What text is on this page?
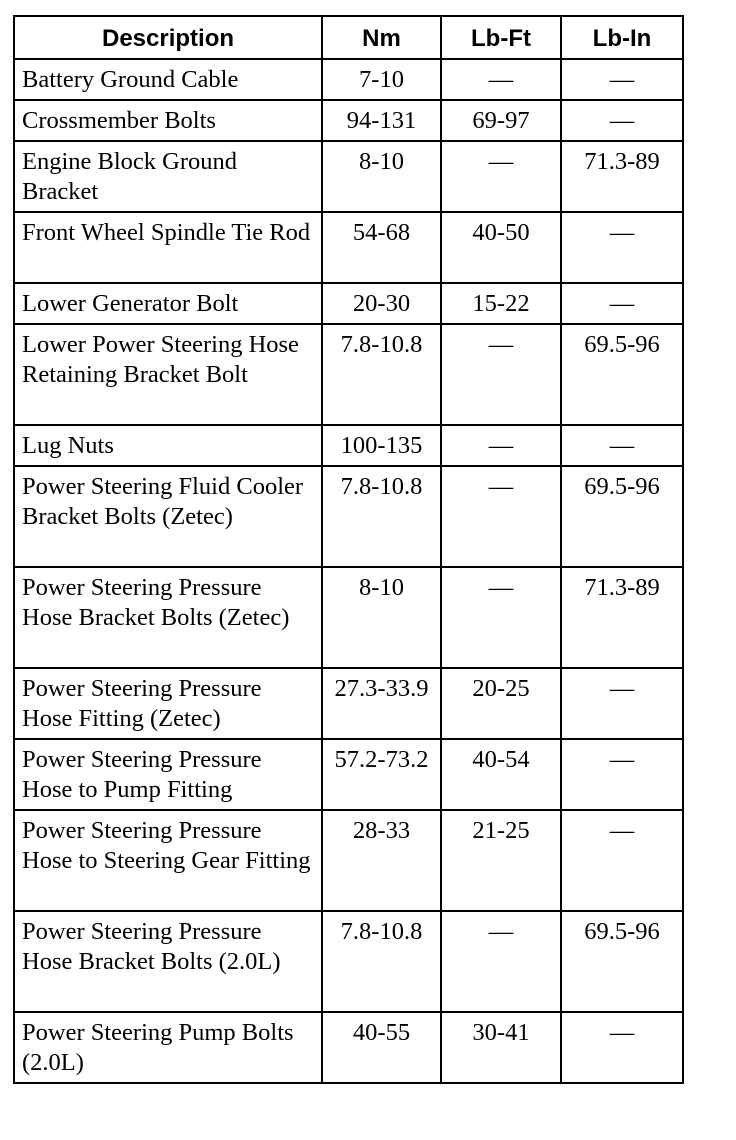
Description	Nm	Lb-Ft	Lb-In
Battery Ground Cable	7-10	—	—
Crossmember Bolts	94-131	69-97	—
Engine Block Ground Bracket	8-10	—	71.3-89
Front Wheel Spindle Tie Rod	54-68	40-50	—
Lower Generator Bolt	20-30	15-22	—
Lower Power Steering Hose Retaining Bracket Bolt	7.8-10.8	—	69.5-96
Lug Nuts	100-135	—	—
Power Steering Fluid Cooler Bracket Bolts (Zetec)	7.8-10.8	—	69.5-96
Power Steering Pressure Hose Bracket Bolts (Zetec)	8-10	—	71.3-89
Power Steering Pressure Hose Fitting (Zetec)	27.3-33.9	20-25	—
Power Steering Pressure Hose to Pump Fitting	57.2-73.2	40-54	—
Power Steering Pressure Hose to Steering Gear Fitting	28-33	21-25	—
Power Steering Pressure Hose Bracket Bolts (2.0L)	7.8-10.8	—	69.5-96
Power Steering Pump Bolts (2.0L)	40-55	30-41	—
